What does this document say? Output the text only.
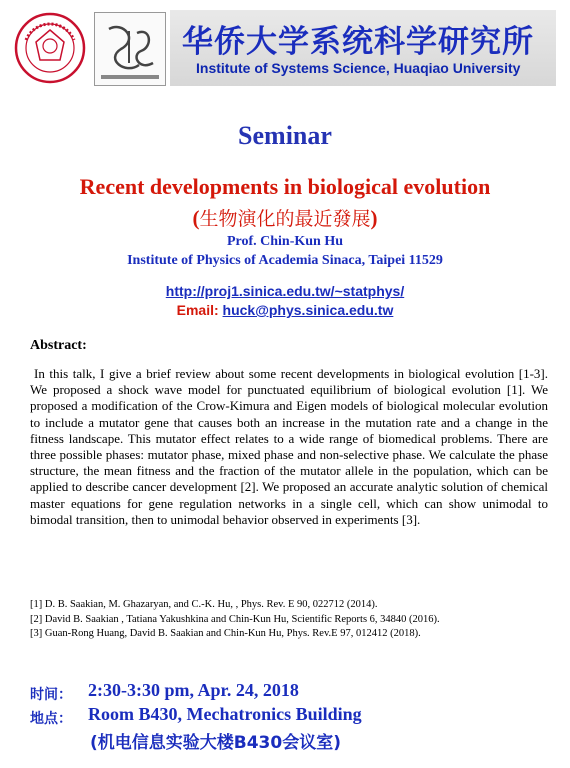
华侨大学系统科学研究所
Institute of Systems Science, Huaqiao University
Seminar
Recent developments in biological evolution
(生物演化的最近發展)
Prof. Chin-Kun Hu
Institute of Physics of Academia Sinaca, Taipei 11529
http://proj1.sinica.edu.tw/~statphys/
Email: huck@phys.sinica.edu.tw
Abstract:
In this talk, I give a brief review about some recent developments in biological evolution [1-3]. We proposed a shock wave model for punctuated equilibrium of biological evolution [1]. We proposed a modification of the Crow-Kimura and Eigen models of biological molecular evolution to include a mutator gene that causes both an increase in the mutation rate and a change in the fitness landscape. This mutator effect relates to a wide range of biomedical problems. There are three possible phases: mutator phase, mixed phase and non-selective phase. We calculate the phase structure, the mean fitness and the fraction of the mutator allele in the population, which can be applied to describe cancer development [2]. We proposed an accurate analytic solution of chemical master equations for gene regulation networks in a single cell, which can show unimodal to bimodal transition, then to unimodal behavior observed in experiments [3].
[1] D. B. Saakian, M. Ghazaryan, and C.-K. Hu, , Phys. Rev. E 90, 022712 (2014).
[2] David B. Saakian , Tatiana Yakushkina and Chin-Kun Hu, Scientific Reports 6, 34840 (2016).
[3] Guan-Rong Huang, David B. Saakian and Chin-Kun Hu, Phys. Rev.E 97, 012412 (2018).
时间： 2:30-3:30 pm, Apr. 24, 2018
地点： Room B430, Mechatronics Building
(机电信息实验大楼B430会议室)
